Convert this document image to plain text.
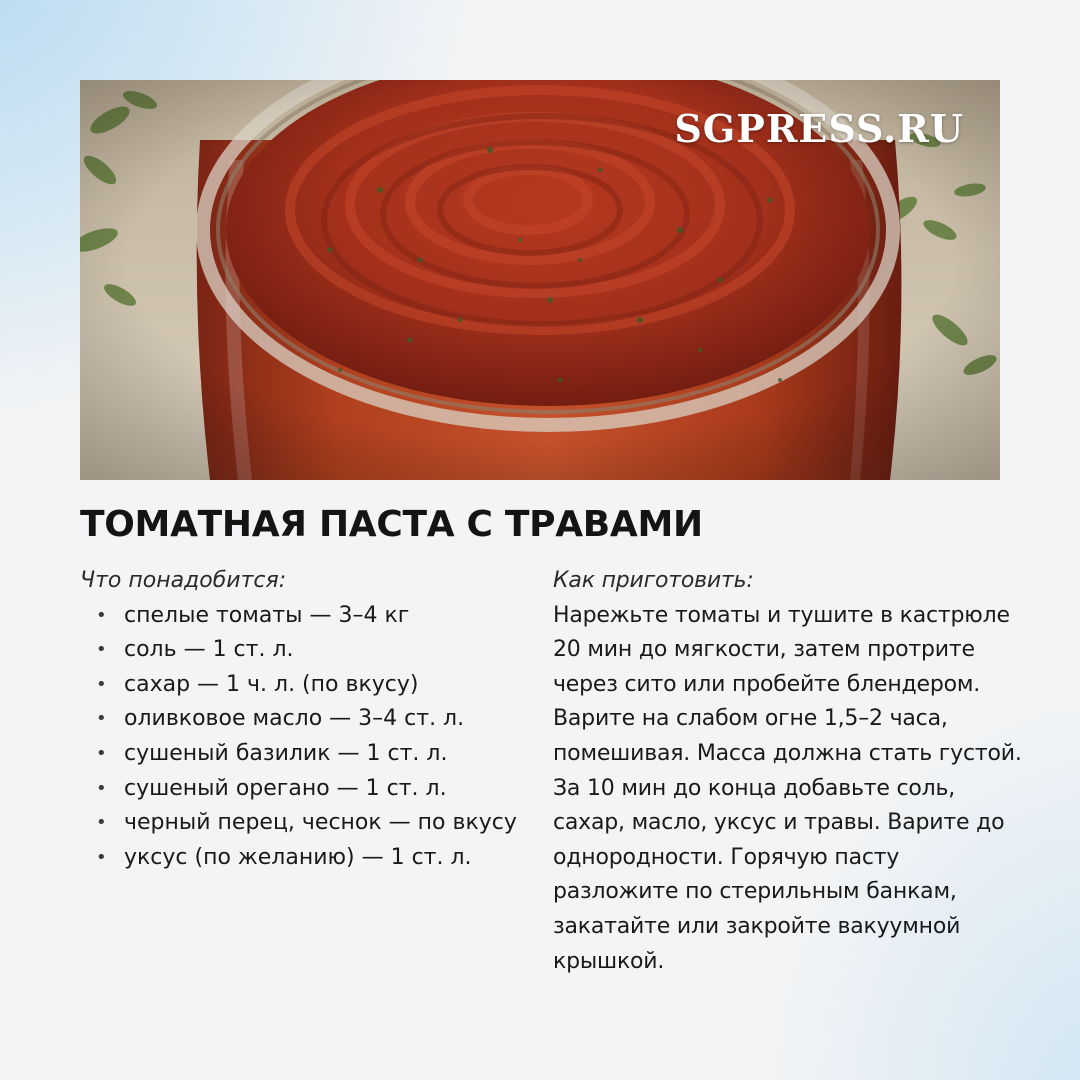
SGPRESS.RU
ТОМАТНАЯ ПАСТА С ТРАВАМИ

Что понадобится:

• спелые томаты — 3–4 кг
• соль — 1 ст. л.
• сахар — 1 ч. л. (по вкусу)
• оливковое масло — 3–4 ст. л.
• сушеный базилик — 1 ст. л.
• сушеный орегано — 1 ст. л.
• черный перец, чеснок — по вкусу
• уксус (по желанию) — 1 ст. л.

Как приготовить:

Нарежьте томаты и тушите в кастрюле 20 мин до мягкости, затем протрите через сито или пробейте блендером. Варите на слабом огне 1,5–2 часа, помешивая. Масса должна стать густой. За 10 мин до конца добавьте соль, сахар, масло, уксус и травы. Варите до однородности. Горячую пасту разложите по стерильным банкам, закатайте или закройте вакуумной крышкой.
